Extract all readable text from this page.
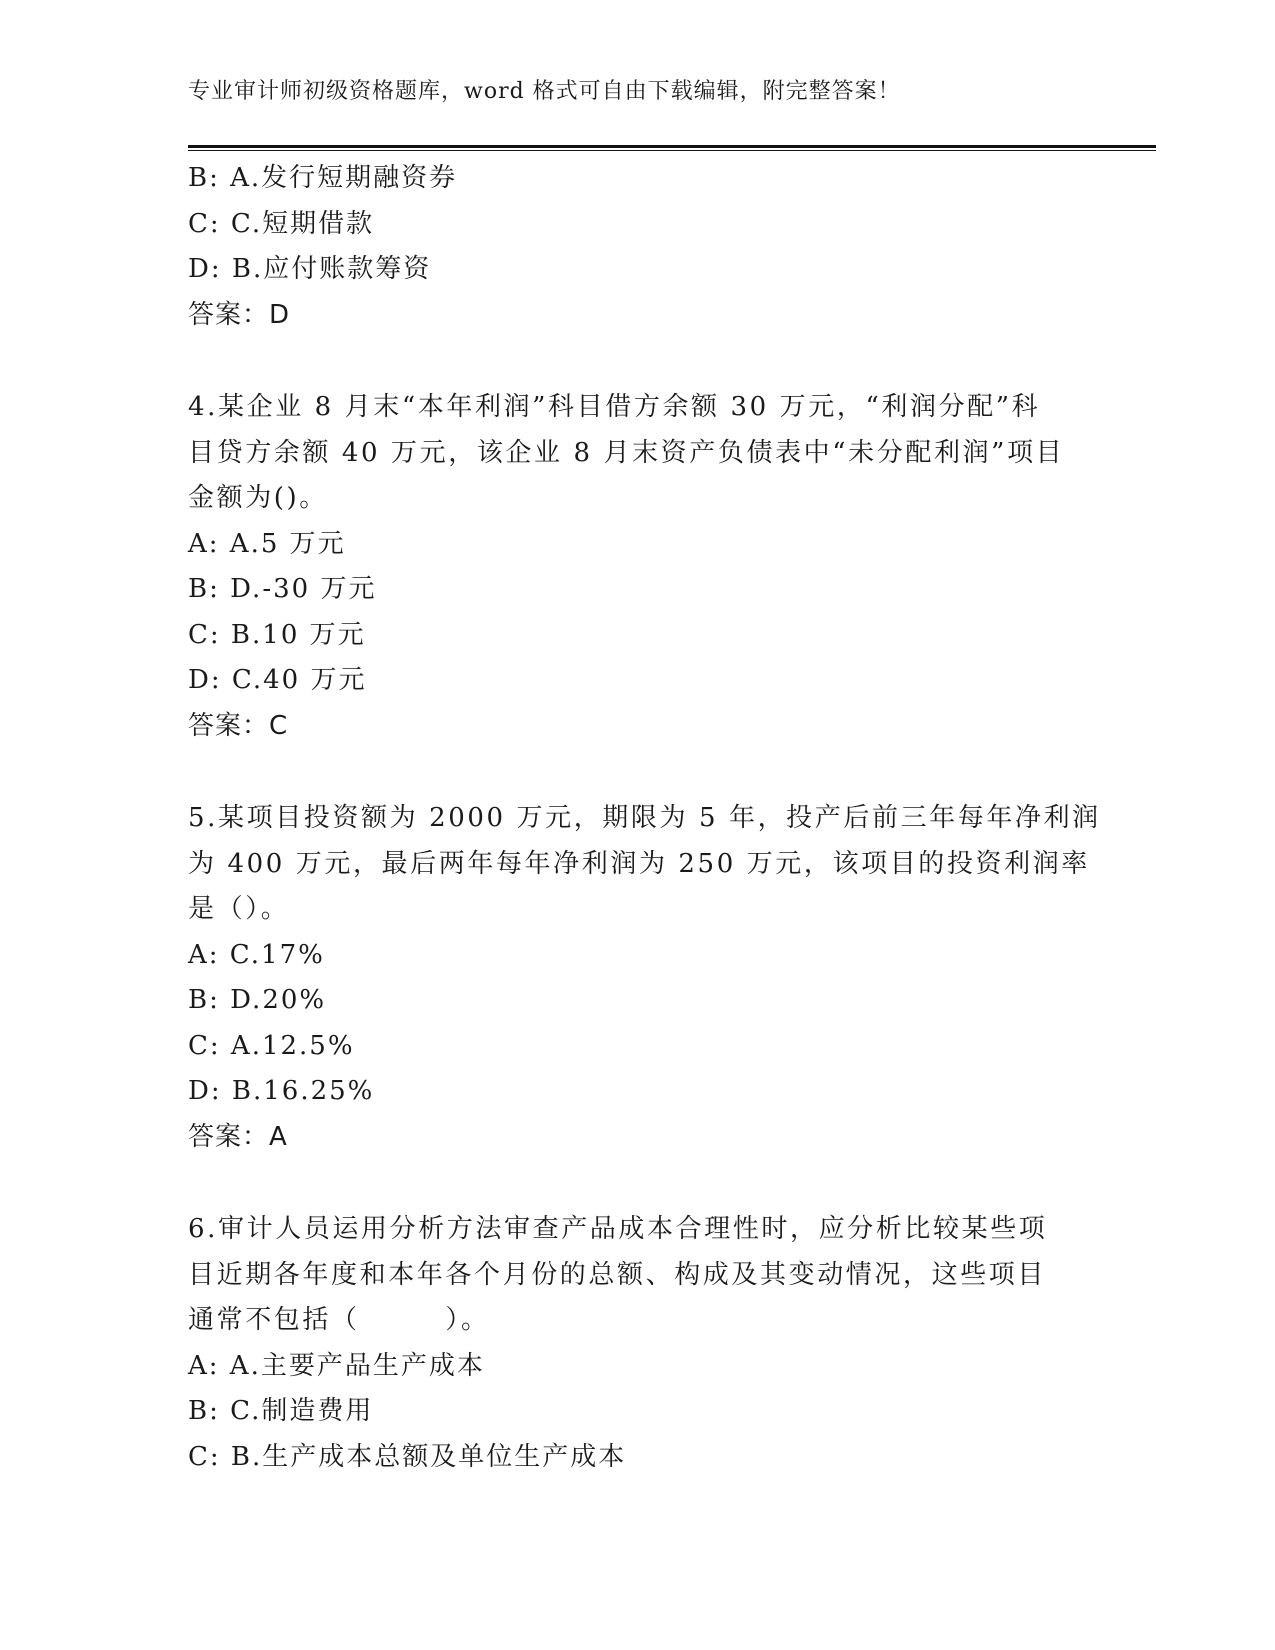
专业审计师初级资格题库，word 格式可自由下载编辑，附完整答案！
B: A.发行短期融资券
C: C.短期借款
D: B.应付账款筹资
答案：D
4.某企业 8 月末“本年利润”科目借方余额 30 万元，“利润分配”科
目贷方余额 40 万元，该企业 8 月末资产负债表中“未分配利润”项目
金额为()。
A: A.5 万元
B: D.-30 万元
C: B.10 万元
D: C.40 万元
答案：C
5.某项目投资额为 2000 万元，期限为 5 年，投产后前三年每年净利润
为 400 万元，最后两年每年净利润为 250 万元，该项目的投资利润率
是（）。
A: C.17%
B: D.20%
C: A.12.5%
D: B.16.25%
答案：A
6.审计人员运用分析方法审查产品成本合理性时，应分析比较某些项
目近期各年度和本年各个月份的总额、构成及其变动情况，这些项目
通常不包括（　　　）。
A: A.主要产品生产成本
B: C.制造费用
C: B.生产成本总额及单位生产成本
